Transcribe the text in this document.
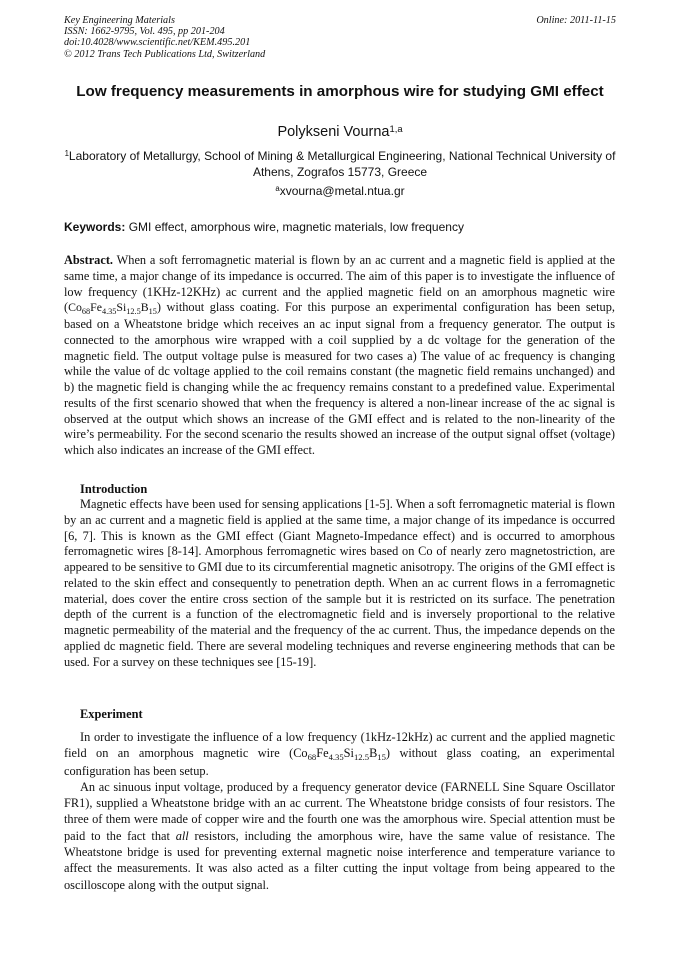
Key Engineering Materials
ISSN: 1662-9795, Vol. 495, pp 201-204
doi:10.4028/www.scientific.net/KEM.495.201
© 2012 Trans Tech Publications Ltd, Switzerland
Online: 2011-11-15
Low frequency measurements in amorphous wire for studying GMI effect
Polykseni Vourna$^{1,a}$
$^1$Laboratory of Metallurgy, School of Mining & Metallurgical Engineering, National Technical University of Athens, Zografos 15773, Greece
$^a$xvourna@metal.ntua.gr
Keywords: GMI effect, amorphous wire, magnetic materials, low frequency
Abstract. When a soft ferromagnetic material is flown by an ac current and a magnetic field is applied at the same time, a major change of its impedance is occurred. The aim of this paper is to investigate the influence of low frequency (1KHz-12KHz) ac current and the applied magnetic field on an amorphous magnetic wire $(Co_{68}Fe_{4.35}Si_{12.5}B_{15})$ without glass coating. For this purpose an experimental configuration has been setup, based on a Wheatstone bridge which receives an ac input signal from a frequency generator. The output is connected to the amorphous wire wrapped with a coil supplied by a dc voltage for the generation of the magnetic field. The output voltage pulse is measured for two cases a) The value of ac frequency is changing while the value of dc voltage applied to the coil remains constant (the magnetic field remains unchanged) and b) the magnetic field is changing while the ac frequency remains constant to a predefined value. Experimental results of the first scenario showed that when the frequency is altered a non-linear increase of the ac signal is observed at the output which shows an increase of the GMI effect and is related to the non-linearity of the wire’s permeability. For the second scenario the results showed an increase of the output signal offset (voltage) which also indicates an increase of the GMI effect.
Introduction

Magnetic effects have been used for sensing applications [1-5]. When a soft ferromagnetic material is flown by an ac current and a magnetic field is applied at the same time, a major change of its impedance is occurred [6, 7]. This is known as the GMI effect (Giant Magneto-Impedance effect) and is occurred to amorphous ferromagnetic wires [8-14]. Amorphous ferromagnetic wires based on Co of nearly zero magnetostriction, are appeared to be sensitive to GMI due to its circumferential magnetic anisotropy. The origins of the GMI effect is related to the skin effect and consequently to penetration depth. When an ac current flows in a ferromagnetic material, does cover the entire cross section of the sample but it is restricted on its surface. The penetration depth of the current is a function of the electromagnetic field and is inversely proportional to the relative magnetic permeability of the material and the frequency of the ac current. Thus, the impedance depends on the applied dc magnetic field. There are several modeling techniques and reverse engineering methods that can be used. For a survey on these techniques see [15-19].

Experiment

In order to investigate the influence of a low frequency (1kHz-12kHz) ac current and the applied magnetic field on an amorphous magnetic wire $(Co_{68}Fe_{4.35}Si_{12.5}B_{15})$ without glass coating, an experimental configuration has been setup.

An ac sinuous input voltage, produced by a frequency generator device (FARNELL Sine Square Oscillator FR1), supplied a Wheatstone bridge with an ac current. The Wheatstone bridge consists of four resistors. The three of them were made of copper wire and the fourth one was the amorphous wire. Special attention must be paid to the fact that all resistors, including the amorphous wire, have the same value of resistance. The Wheatstone bridge is used for preventing external magnetic noise interference and temperature variance to affect the measurements. It was also acted as a filter cutting the input voltage from being appeared to the oscilloscope along with the output signal.
